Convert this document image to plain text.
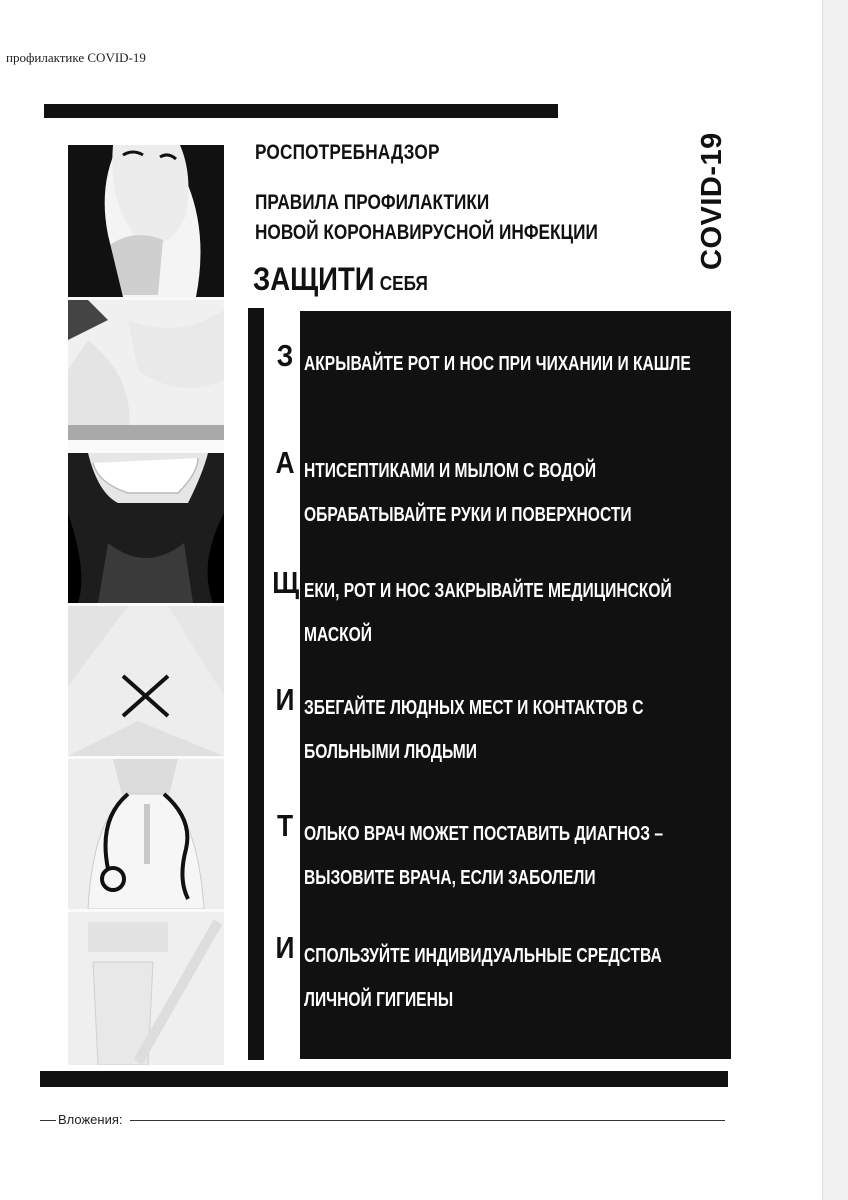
профилактике COVID-19
РОСПОТРЕБНАДЗОР
ПРАВИЛА ПРОФИЛАКТИКИ
НОВОЙ КОРОНАВИРУСНОЙ ИНФЕКЦИИ
ЗАЩИТИ СЕБЯ
COVID-19
З АКРЫВАЙТЕ РОТ И НОС ПРИ ЧИХАНИИ И КАШЛЕ
А НТИСЕПТИКАМИ И МЫЛОМ С ВОДОЙ ОБРАБАТЫВАЙТЕ РУКИ И ПОВЕРХНОСТИ
Щ ЕКИ, РОТ И НОС ЗАКРЫВАЙТЕ МЕДИЦИНСКОЙ МАСКОЙ
И ЗБЕГАЙТЕ ЛЮДНЫХ МЕСТ И КОНТАКТОВ С БОЛЬНЫМИ ЛЮДЬМИ
Т ОЛЬКО ВРАЧ МОЖЕТ ПОСТАВИТЬ ДИАГНОЗ – ВЫЗОВИТЕ ВРАЧА, ЕСЛИ ЗАБОЛЕЛИ
И СПОЛЬЗУЙТЕ ИНДИВИДУАЛЬНЫЕ СРЕДСТВА ЛИЧНОЙ ГИГИЕНЫ
Вложения:
